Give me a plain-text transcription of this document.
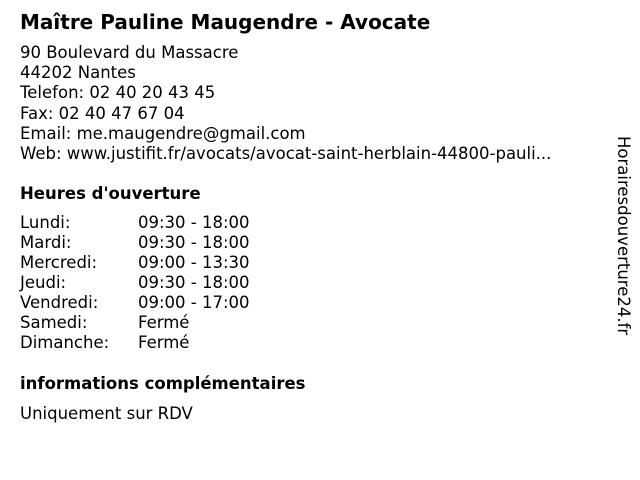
Maître Pauline Maugendre - Avocate
90 Boulevard du Massacre
44202 Nantes
Telefon: 02 40 20 43 45
Fax: 02 40 47 67 04
Email: me.maugendre@gmail.com
Web: www.justifit.fr/avocats/avocat-saint-herblain-44800-pauli...
Heures d'ouverture
Lundi:	09:30 - 18:00
Mardi:	09:30 - 18:00
Mercredi:	09:00 - 13:30
Jeudi:	09:30 - 18:00
Vendredi:	09:00 - 17:00
Samedi:	Fermé
Dimanche:	Fermé
informations complémentaires
Uniquement sur RDV
Horairesdouverture24.fr
